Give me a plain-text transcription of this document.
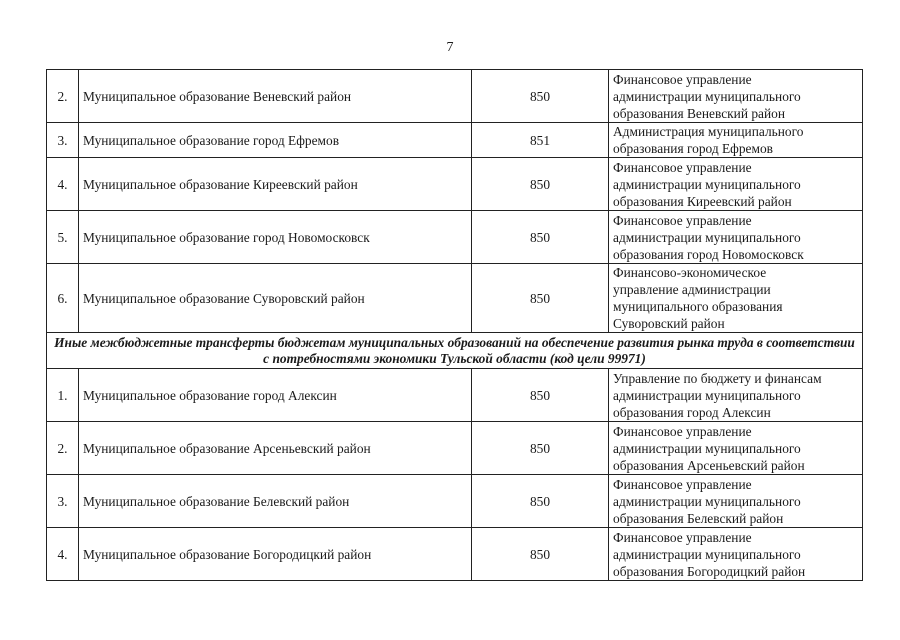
7
2.	Муниципальное образование Веневский район	850	Финансовое управление
администрации муниципального
образования Веневский район
3.	Муниципальное образование город Ефремов	851	Администрация муниципального
образования город Ефремов
4.	Муниципальное образование Киреевский район	850	Финансовое управление
администрации муниципального
образования Киреевский район
5.	Муниципальное образование город Новомосковск	850	Финансовое управление
администрации муниципального
образования город Новомосковск
6.	Муниципальное образование Суворовский район	850	Финансово-экономическое
управление администрации
муниципального образования
Суворовский район
Иные межбюджетные трансферты бюджетам муниципальных образований на обеспечение развития рынка труда в соответствии с потребностями экономики Тульской области (код цели 99971)			
1.	Муниципальное образование город Алексин	850	Управление по бюджету и финансам
администрации муниципального
образования город Алексин
2.	Муниципальное образование Арсеньевский район	850	Финансовое управление
администрации муниципального
образования Арсеньевский район
3.	Муниципальное образование Белевский район	850	Финансовое управление
администрации муниципального
образования Белевский район
4.	Муниципальное образование Богородицкий район	850	Финансовое управление
администрации муниципального
образования Богородицкий район
